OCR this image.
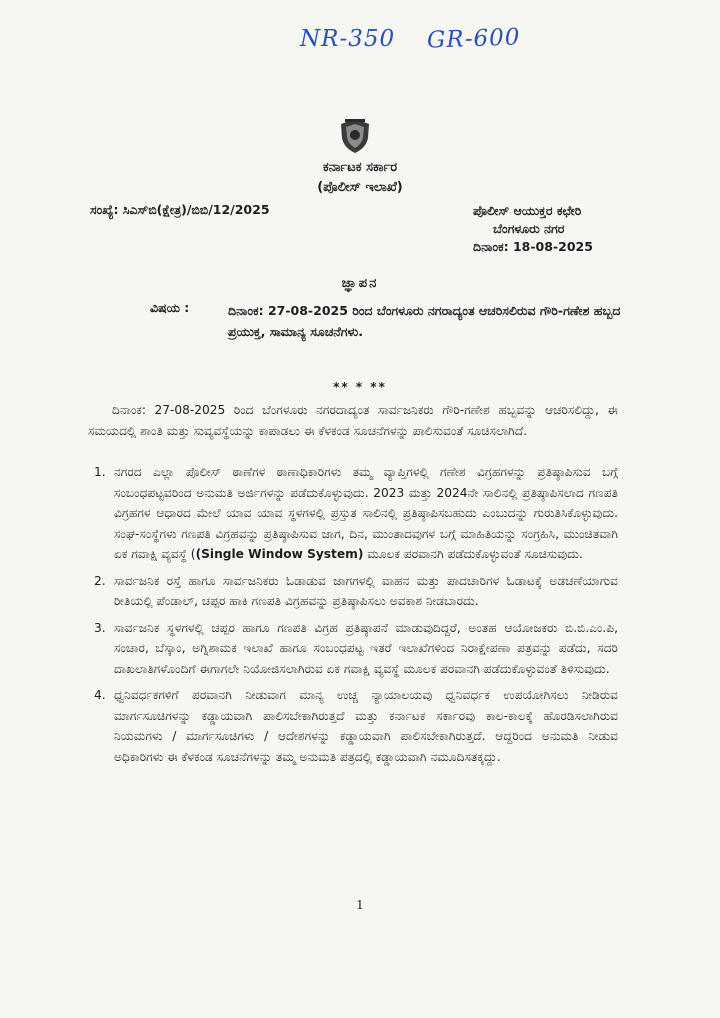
NR-350 GR-600
ಕರ್ನಾಟಕ ಸರ್ಕಾರ
(ಪೊಲೀಸ್ ಇಲಾಖೆ)
ಸಂಖ್ಯೆ: ಸಿಎಸ್‌ಬಿ(ಕ್ಷೇತ್ರ)/ಬಿಬಿ/12/2025	ಪೊಲೀಸ್ ಆಯುಕ್ತರ ಕಛೇರಿ
ಬೆಂಗಳೂರು ನಗರ
ದಿನಾಂಕ: 18-08-2025
ಜ್ಞಾಪನ
ವಿಷಯ :	ದಿನಾಂಕ: 27-08-2025 ರಿಂದ ಬೆಂಗಳೂರು ನಗರಾದ್ಯಂತ ಆಚರಿಸಲಿರುವ ಗೌರಿ-ಗಣೇಶ ಹಬ್ಬದ ಪ್ರಯುಕ್ತ, ಸಾಮಾನ್ಯ ಸೂಚನೆಗಳು.
** * **
ದಿನಾಂಕ: 27-08-2025 ರಿಂದ ಬೆಂಗಳೂರು ನಗರದಾದ್ಯಂತ ಸಾರ್ವಜನಿಕರು ಗೌರಿ-ಗಣೇಶ ಹಬ್ಬವನ್ನು ಆಚರಿಸಲಿದ್ದು, ಈ ಸಮಯದಲ್ಲಿ ಶಾಂತಿ ಮತ್ತು ಸುವ್ಯವಸ್ಥೆಯನ್ನು ಕಾಪಾಡಲು ಈ ಕೆಳಕಂಡ ಸೂಚನೆಗಳನ್ನು ಪಾಲಿಸುವಂತೆ ಸೂಚಿಸಲಾಗಿದೆ.
1. ನಗರದ ಎಲ್ಲಾ ಪೊಲೀಸ್ ಠಾಣೆಗಳ ಠಾಣಾಧಿಕಾರಿಗಳು ತಮ್ಮ ವ್ಯಾಪ್ತಿಗಳಲ್ಲಿ ಗಣೇಶ ವಿಗ್ರಹಗಳನ್ನು ಪ್ರತಿಷ್ಠಾಪಿಸುವ ಬಗ್ಗೆ ಸಂಬಂಧಪಟ್ಟವರಿಂದ ಅನುಮತಿ ಅರ್ಜಿಗಳನ್ನು ಪಡೆದುಕೊಳ್ಳುವುದು. 2023 ಮತ್ತು 2024ನೇ ಸಾಲಿನಲ್ಲಿ ಪ್ರತಿಷ್ಠಾಪಿಸಲಾದ ಗಣಪತಿ ವಿಗ್ರಹಗಳ ಆಧಾರದ ಮೇಲೆ ಯಾವ ಯಾವ ಸ್ಥಳಗಳಲ್ಲಿ ಪ್ರಸ್ತುತ ಸಾಲಿನಲ್ಲಿ ಪ್ರತಿಷ್ಠಾಪಿಸಬಹುದು ಎಂಬುದನ್ನು ಗುರುತಿಸಿಕೊಳ್ಳುವುದು. ಸಂಘ-ಸಂಸ್ಥೆಗಳು ಗಣಪತಿ ವಿಗ್ರಹವನ್ನು ಪ್ರತಿಷ್ಠಾಪಿಸುವ ಜಾಗ, ದಿನ, ಮುಂತಾದವುಗಳ ಬಗ್ಗೆ ಮಾಹಿತಿಯನ್ನು ಸಂಗ್ರಹಿಸಿ, ಮುಂಚಿತವಾಗಿ ಏಕ ಗವಾಕ್ಷಿ ವ್ಯವಸ್ಥೆ ((Single Window System) ಮೂಲಕ ಪರವಾನಗಿ ಪಡೆದುಕೊಳ್ಳುವಂತೆ ಸೂಚಿಸುವುದು.
2. ಸಾರ್ವಜನಿಕ ರಸ್ತೆ ಹಾಗೂ ಸಾರ್ವಜನಿಕರು ಓಡಾಡುವ ಜಾಗಗಳಲ್ಲಿ ವಾಹನ ಮತ್ತು ಪಾದಚಾರಿಗಳ ಓಡಾಟಕ್ಕೆ ಅಡಚಣೆಯಾಗುವ ರೀತಿಯಲ್ಲಿ ಪೆಂಡಾಲ್, ಚಪ್ಪರ ಹಾಕಿ ಗಣಪತಿ ವಿಗ್ರಹವನ್ನು ಪ್ರತಿಷ್ಠಾಪಿಸಲು ಅವಕಾಶ ನೀಡಬಾರದು.
3. ಸಾರ್ವಜನಿಕ ಸ್ಥಳಗಳಲ್ಲಿ ಚಪ್ಪರ ಹಾಗೂ ಗಣಪತಿ ವಿಗ್ರಹ ಪ್ರತಿಷ್ಠಾಪನೆ ಮಾಡುವುದಿದ್ದರೆ, ಅಂತಹ ಆಯೋಜಕರು ಬಿ.ಬಿ.ಎಂ.ಪಿ, ಸಂಚಾರ, ಬೆಸ್ಕಾಂ, ಅಗ್ನಿಶಾಮಕ ಇಲಾಖೆ ಹಾಗೂ ಸಂಬಂಧಪಟ್ಟ ಇತರೆ ಇಲಾಖೆಗಳಿಂದ ನಿರಾಕ್ಷೇಪಣಾ ಪತ್ರವನ್ನು ಪಡೆದು, ಸದರಿ ದಾಖಲಾತಿಗಳೊಂದಿಗೆ ಈಗಾಗಲೇ ನಿಯೋಜಿಸಲಾಗಿರುವ ಏಕ ಗವಾಕ್ಷಿ ವ್ಯವಸ್ಥೆ ಮೂಲಕ ಪರವಾನಗಿ ಪಡೆದುಕೊಳ್ಳುವಂತೆ ತಿಳಿಸುವುದು.
4. ಧ್ವನಿವರ್ಧಕಗಳಿಗೆ ಪರವಾನಗಿ ನೀಡುವಾಗ ಮಾನ್ಯ ಉಚ್ಚ ನ್ಯಾಯಾಲಯವು ಧ್ವನಿವರ್ಧಕ ಉಪಯೋಗಿಸಲು ನೀಡಿರುವ ಮಾರ್ಗಸೂಚಿಗಳನ್ನು ಕಡ್ಡಾಯವಾಗಿ ಪಾಲಿಸಬೇಕಾಗಿರುತ್ತದೆ ಮತ್ತು ಕರ್ನಾಟಕ ಸರ್ಕಾರವು ಕಾಲ-ಕಾಲಕ್ಕೆ ಹೊರಡಿಸಲಾಗಿರುವ ನಿಯಮಗಳು / ಮಾರ್ಗಸೂಚಿಗಳು / ಆದೇಶಗಳನ್ನು ಕಡ್ಡಾಯವಾಗಿ ಪಾಲಿಸಬೇಕಾಗಿರುತ್ತದೆ. ಆದ್ದರಿಂದ ಅನುಮತಿ ನೀಡುವ ಅಧಿಕಾರಿಗಳು ಈ ಕೆಳಕಂಡ ಸೂಚನೆಗಳನ್ನು ತಮ್ಮ ಅನುಮತಿ ಪತ್ರದಲ್ಲಿ ಕಡ್ಡಾಯವಾಗಿ ನಮೂದಿಸತಕ್ಕದ್ದು.
1
